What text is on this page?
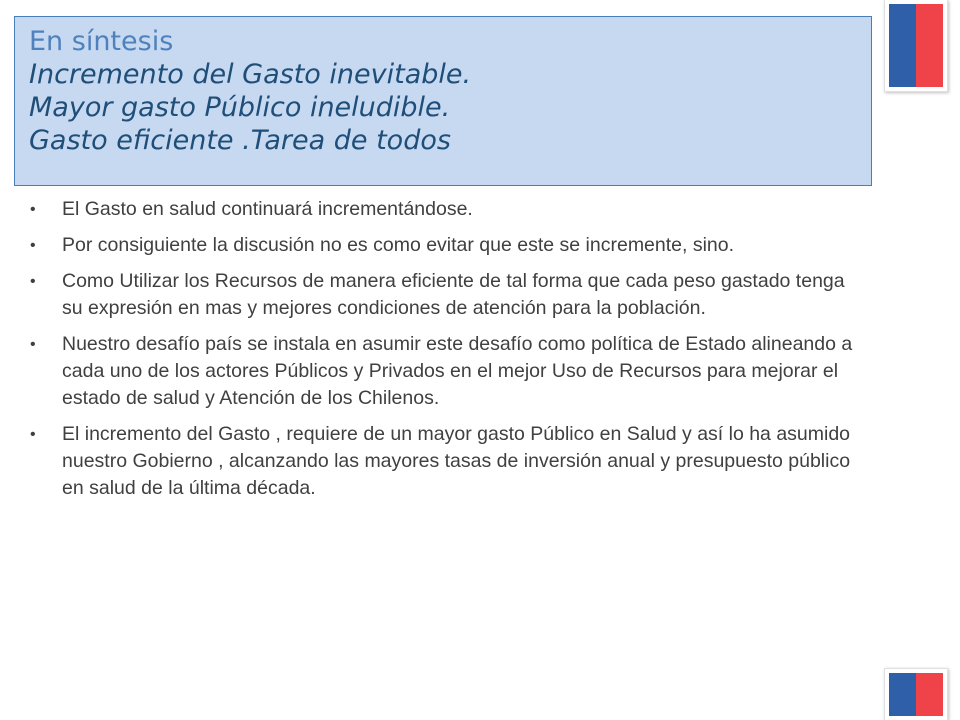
En síntesis
Incremento del Gasto inevitable.
Mayor gasto Público ineludible.
Gasto eficiente .Tarea de todos
• El Gasto en salud continuará incrementándose.
• Por consiguiente la discusión no es como evitar que este se incremente, sino.
• Como Utilizar los Recursos de manera eficiente de tal forma que cada peso gastado tenga su expresión en mas y mejores condiciones de atención para la población.
• Nuestro desafío país se instala en asumir este desafío como política de Estado alineando a cada uno de los actores Públicos y Privados en el mejor Uso de Recursos para mejorar el estado de salud y Atención de los Chilenos.
• El incremento del Gasto , requiere de un mayor gasto Público en Salud y así lo ha asumido nuestro Gobierno , alcanzando las mayores tasas de inversión anual y presupuesto público en salud de la última década.
